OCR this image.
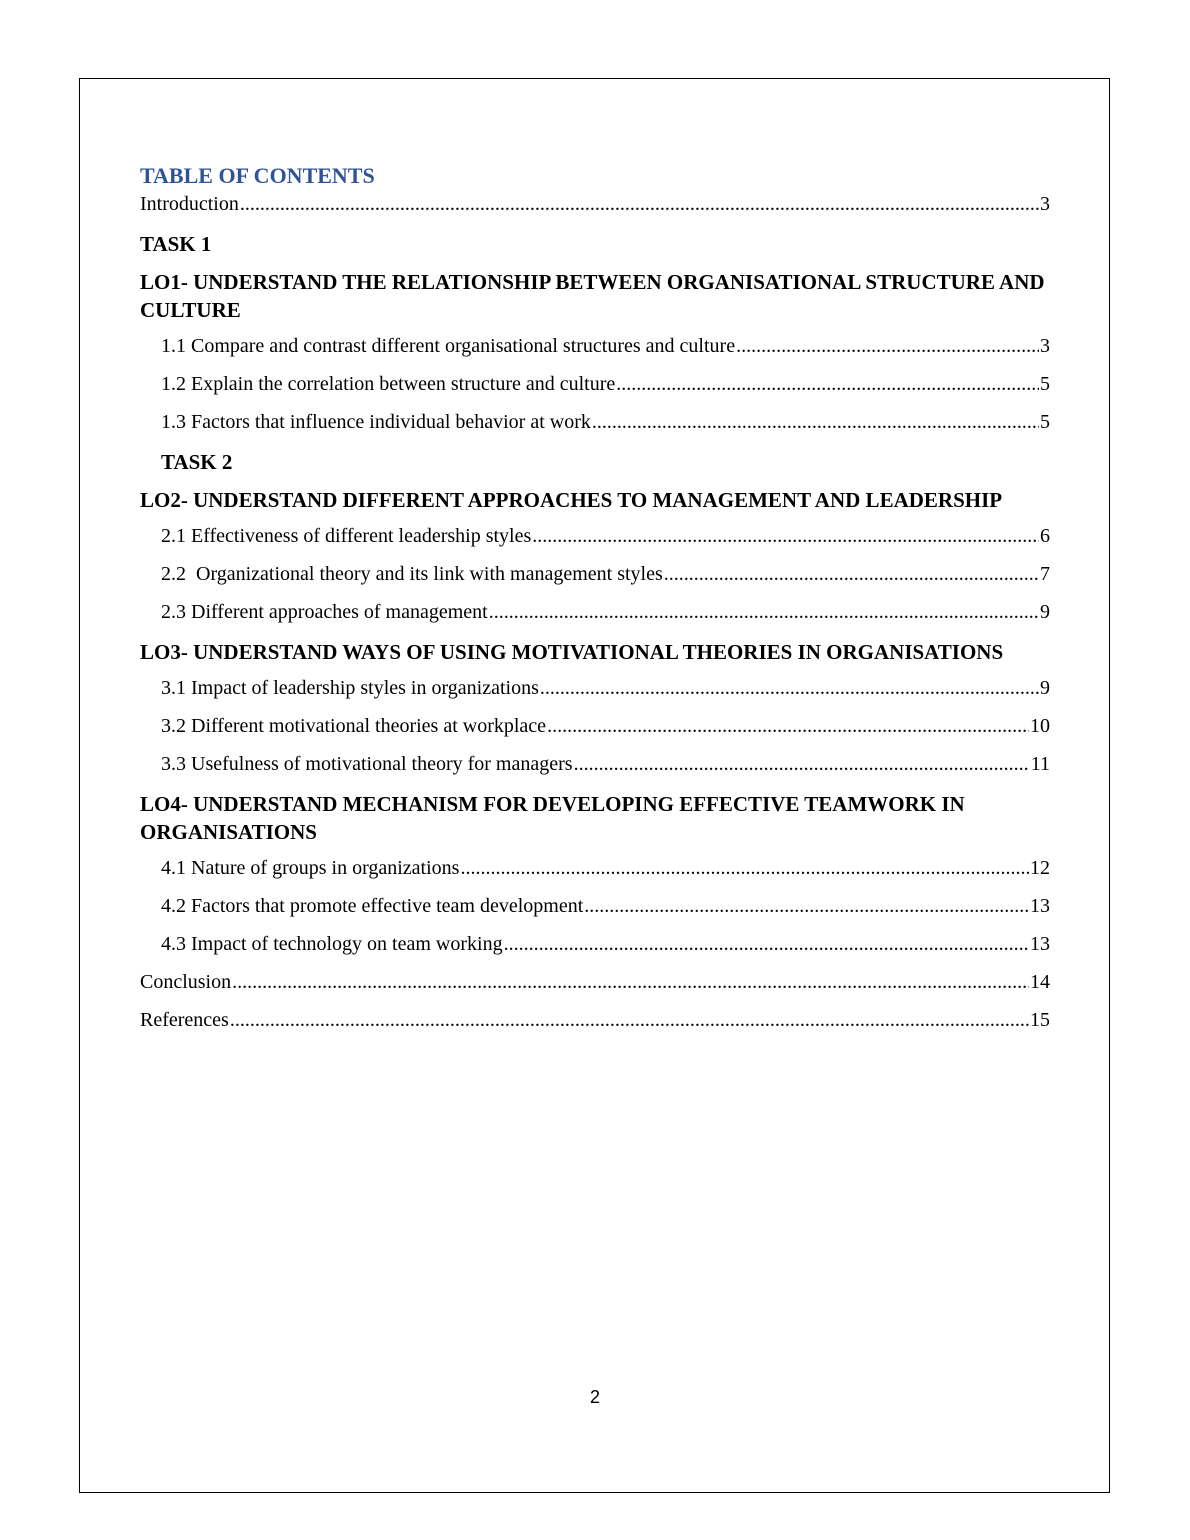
TABLE OF CONTENTS
Introduction .....	3
TASK 1
LO1- UNDERSTAND THE RELATIONSHIP BETWEEN ORGANISATIONAL STRUCTURE AND CULTURE
1.1 Compare and contrast different organisational structures and culture .....	3
1.2 Explain the correlation between structure and culture .....	5
1.3 Factors that influence individual behavior at work .....	5
TASK 2
LO2- UNDERSTAND DIFFERENT APPROACHES TO MANAGEMENT AND LEADERSHIP
2.1 Effectiveness of different leadership styles .....	6
2.2  Organizational theory and its link with management styles .....	7
2.3 Different approaches of management .....	9
LO3- UNDERSTAND WAYS OF USING MOTIVATIONAL THEORIES IN ORGANISATIONS
3.1 Impact of leadership styles in organizations .....	9
3.2 Different motivational theories at workplace .....	10
3.3 Usefulness of motivational theory for managers .....	11
LO4- UNDERSTAND MECHANISM FOR DEVELOPING EFFECTIVE TEAMWORK IN ORGANISATIONS
4.1 Nature of groups in organizations .....	12
4.2 Factors that promote effective team development .....	13
4.3 Impact of technology on team working .....	13
Conclusion .....	14
References .....	15
2
